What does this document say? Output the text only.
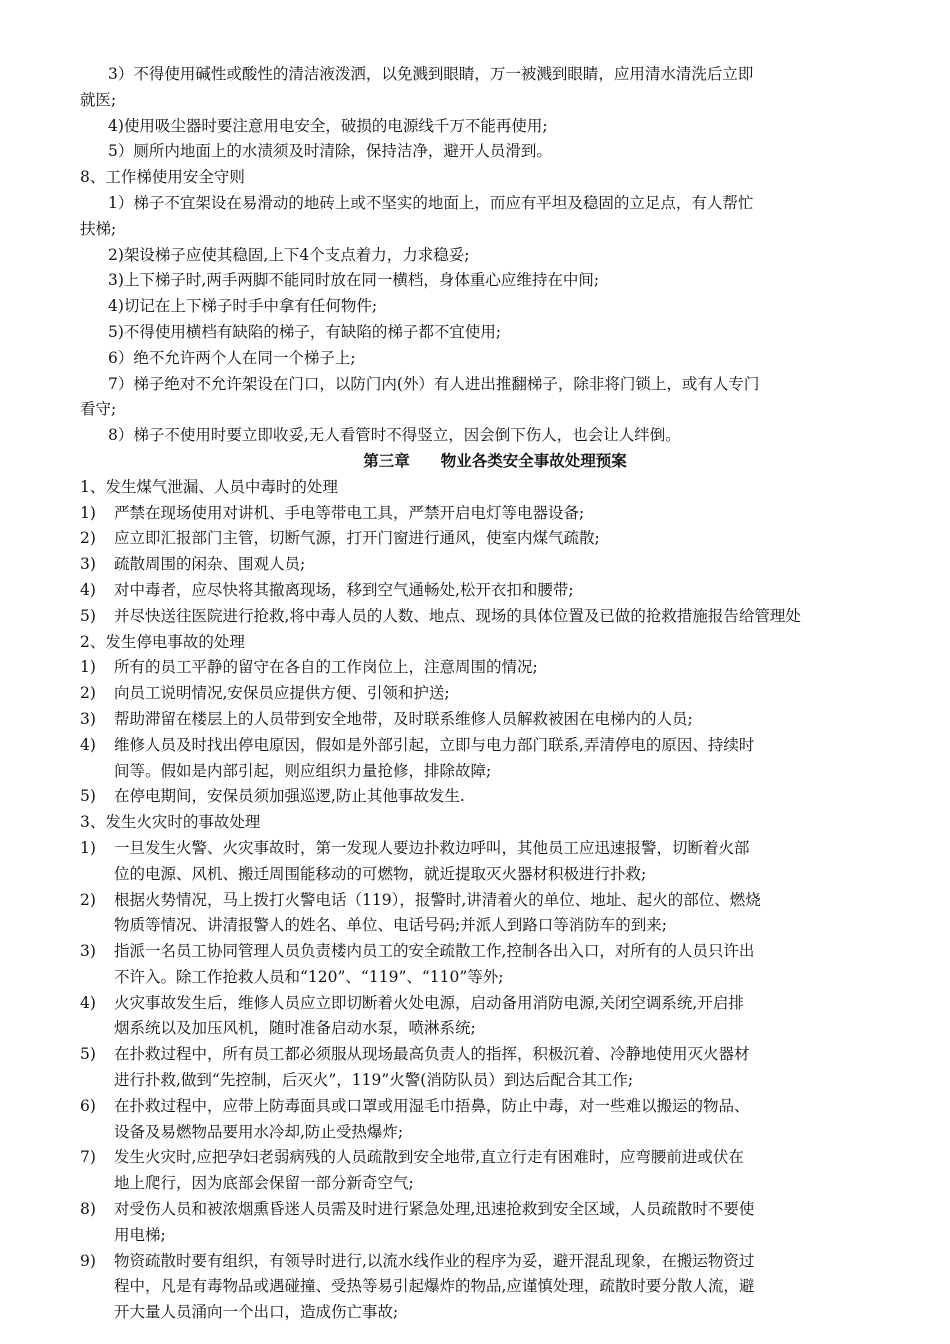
3）不得使用碱性或酸性的清洁液泼洒，以免溅到眼睛，万一被溅到眼睛，应用清水清洗后立即
就医;
4)使用吸尘器时要注意用电安全，破损的电源线千万不能再使用;
5）厕所内地面上的水渍须及时清除，保持洁净，避开人员滑到。

8、工作梯使用安全守则

1）梯子不宜架设在易滑动的地砖上或不坚实的地面上，而应有平坦及稳固的立足点，有人帮忙
扶梯;
2)架设梯子应使其稳固,上下4个支点着力，力求稳妥;
3)上下梯子时,两手两脚不能同时放在同一横档，身体重心应维持在中间;
4)切记在上下梯子时手中拿有任何物件;
5)不得使用横档有缺陷的梯子，有缺陷的梯子都不宜使用;
6）绝不允许两个人在同一个梯子上;
7）梯子绝对不允许架设在门口，以防门内(外）有人进出推翻梯子，除非将门锁上，或有人专门
看守;
8）梯子不使用时要立即收妥,无人看管时不得竖立，因会倒下伤人，也会让人绊倒。

第三章　　物业各类安全事故处理预案

1、发生煤气泄漏、人员中毒时的处理

1)	严禁在现场使用对讲机、手电等带电工具，严禁开启电灯等电器设备;
2)	应立即汇报部门主管，切断气源，打开门窗进行通风，使室内煤气疏散;
3)	疏散周围的闲杂、围观人员;
4)	对中毒者，应尽快将其撤离现场，移到空气通畅处,松开衣扣和腰带;
5)	并尽快送往医院进行抢救,将中毒人员的人数、地点、现场的具体位置及已做的抢救措施报告给管理处

2、发生停电事故的处理

1)	所有的员工平静的留守在各自的工作岗位上，注意周围的情况;
2)	向员工说明情况,安保员应提供方便、引领和护送;
3)	帮助滞留在楼层上的人员带到安全地带，及时联系维修人员解救被困在电梯内的人员;
4)	维修人员及时找出停电原因，假如是外部引起，立即与电力部门联系,弄清停电的原因、持续时
间等。假如是内部引起，则应组织力量抢修，排除故障;
5)	在停电期间，安保员须加强巡逻,防止其他事故发生.

3、发生火灾时的事故处理

1)	一旦发生火警、火灾事故时，第一发现人要边扑救边呼叫，其他员工应迅速报警，切断着火部
位的电源、风机、搬迁周围能移动的可燃物，就近提取灭火器材积极进行扑救;
2)	根据火势情况，马上拨打火警电话（119），报警时,讲清着火的单位、地址、起火的部位、燃烧
物质等情况、讲清报警人的姓名、单位、电话号码;并派人到路口等消防车的到来;
3)	指派一名员工协同管理人员负责楼内员工的安全疏散工作,控制各出入口，对所有的人员只许出
不许入。除工作抢救人员和“120”、“119”、“110”等外;
4)	火灾事故发生后，维修人员应立即切断着火处电源，启动备用消防电源,关闭空调系统,开启排
烟系统以及加压风机，随时准备启动水泵，喷淋系统;
5)	在扑救过程中，所有员工都必须服从现场最高负责人的指挥，积极沉着、冷静地使用灭火器材
进行扑救,做到“先控制，后灭火”，119”火警(消防队员）到达后配合其工作;
6)	在扑救过程中，应带上防毒面具或口罩或用湿毛巾捂鼻，防止中毒，对一些难以搬运的物品、
设备及易燃物品要用水冷却,防止受热爆炸;
7)	发生火灾时,应把孕妇老弱病残的人员疏散到安全地带,直立行走有困难时，应弯腰前进或伏在
地上爬行，因为底部会保留一部分新奇空气;
8)	对受伤人员和被浓烟熏昏迷人员需及时进行紧急处理,迅速抢救到安全区域，人员疏散时不要使
用电梯;
9)	物资疏散时要有组织，有领导时进行,以流水线作业的程序为妥，避开混乱现象，在搬运物资过
程中，凡是有毒物品或遇碰撞、受热等易引起爆炸的物品,应谨慎处理，疏散时要分散人流，避
开大量人员涌向一个出口，造成伤亡事故;
